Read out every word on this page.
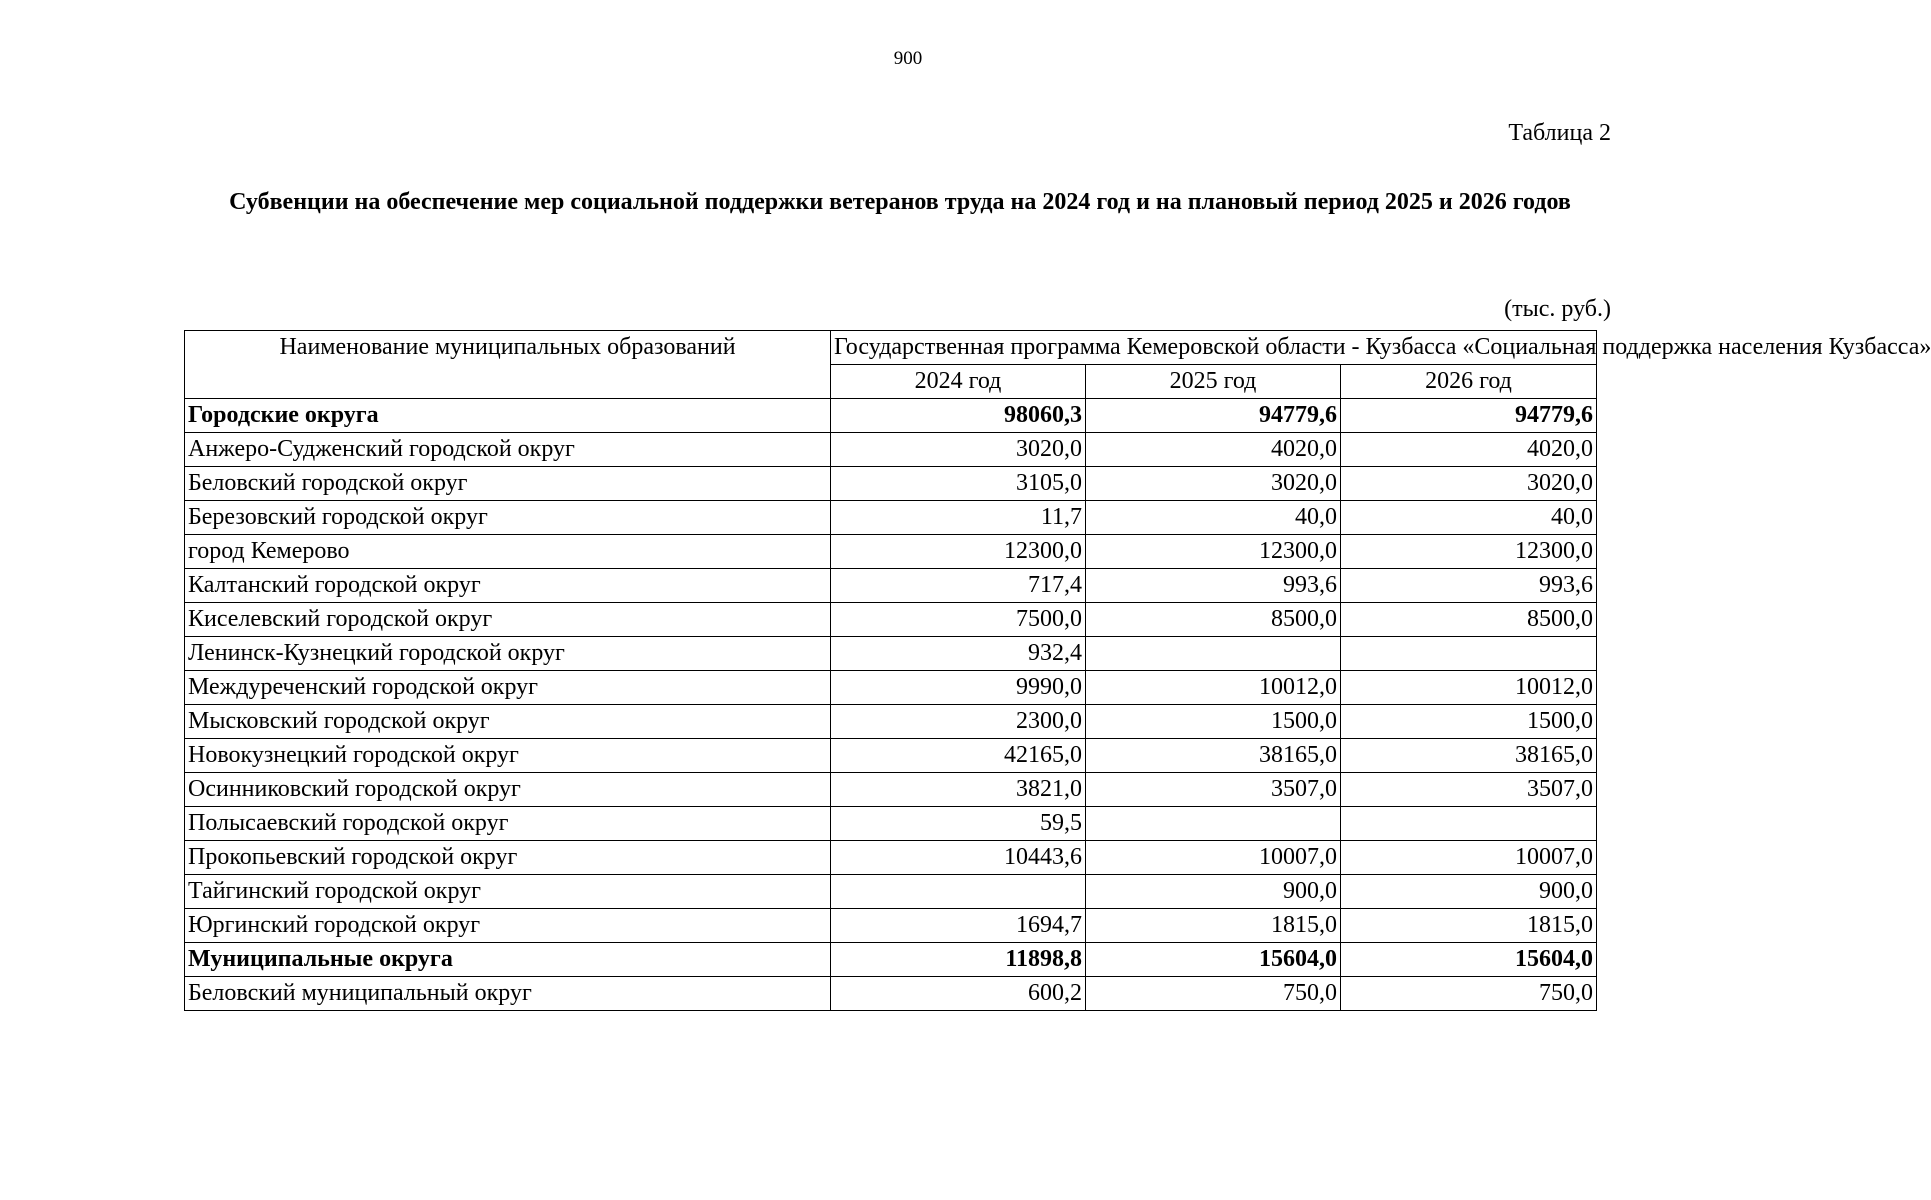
900
Таблица 2
Субвенции на обеспечение мер социальной поддержки ветеранов труда на 2024 год и на плановый период 2025 и 2026 годов
(тыс. руб.)
Наименование муниципальных образований	Государственная программа Кемеровской области - Кузбасса «Социальная поддержка населения Кузбасса»		
	2024 год	2025 год	2026 год
Городские округа	98060,3	94779,6	94779,6
Анжеро-Судженский городской округ	3020,0	4020,0	4020,0
Беловский городской округ	3105,0	3020,0	3020,0
Березовский городской округ	11,7	40,0	40,0
город Кемерово	12300,0	12300,0	12300,0
Калтанский городской округ	717,4	993,6	993,6
Киселевский городской округ	7500,0	8500,0	8500,0
Ленинск-Кузнецкий городской округ	932,4		
Междуреченский городской округ	9990,0	10012,0	10012,0
Мысковский городской округ	2300,0	1500,0	1500,0
Новокузнецкий городской округ	42165,0	38165,0	38165,0
Осинниковский городской округ	3821,0	3507,0	3507,0
Полысаевский городской округ	59,5		
Прокопьевский городской округ	10443,6	10007,0	10007,0
Тайгинский городской округ		900,0	900,0
Юргинский городской округ	1694,7	1815,0	1815,0
Муниципальные округа	11898,8	15604,0	15604,0
Беловский муниципальный округ	600,2	750,0	750,0
